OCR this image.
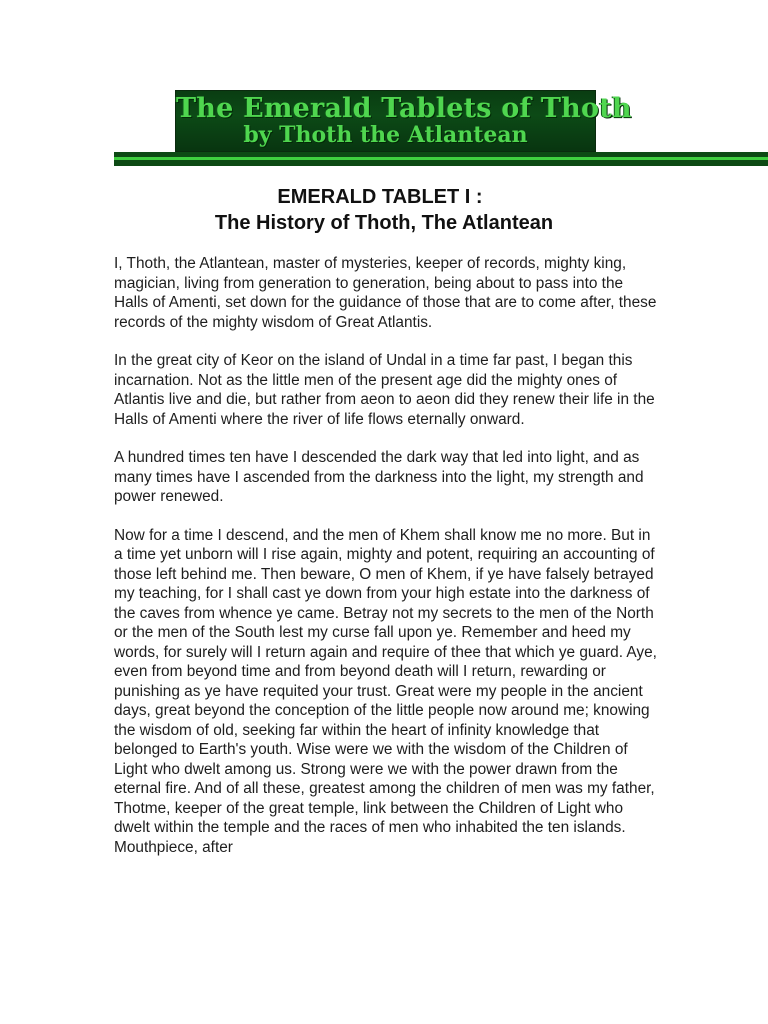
The Emerald Tablets of Thoth
by Thoth the Atlantean
EMERALD TABLET I :
The History of Thoth, The Atlantean

I, Thoth, the Atlantean, master of mysteries, keeper of records, mighty king, magician, living from generation to generation, being about to pass into the Halls of Amenti, set down for the guidance of those that are to come after, these records of the mighty wisdom of Great Atlantis.

In the great city of Keor on the island of Undal in a time far past, I began this incarnation. Not as the little men of the present age did the mighty ones of Atlantis live and die, but rather from aeon to aeon did they renew their life in the Halls of Amenti where the river of life flows eternally onward.

A hundred times ten have I descended the dark way that led into light, and as many times have I ascended from the darkness into the light, my strength and power renewed.

Now for a time I descend, and the men of Khem shall know me no more. But in a time yet unborn will I rise again, mighty and potent, requiring an accounting of those left behind me. Then beware, O men of Khem, if ye have falsely betrayed my teaching, for I shall cast ye down from your high estate into the darkness of the caves from whence ye came. Betray not my secrets to the men of the North or the men of the South lest my curse fall upon ye. Remember and heed my words, for surely will I return again and require of thee that which ye guard. Aye, even from beyond time and from beyond death will I return, rewarding or punishing as ye have requited your trust. Great were my people in the ancient days, great beyond the conception of the little people now around me; knowing the wisdom of old, seeking far within the heart of infinity knowledge that belonged to Earth's youth. Wise were we with the wisdom of the Children of Light who dwelt among us. Strong were we with the power drawn from the eternal fire. And of all these, greatest among the children of men was my father, Thotme, keeper of the great temple, link between the Children of Light who dwelt within the temple and the races of men who inhabited the ten islands. Mouthpiece, after
